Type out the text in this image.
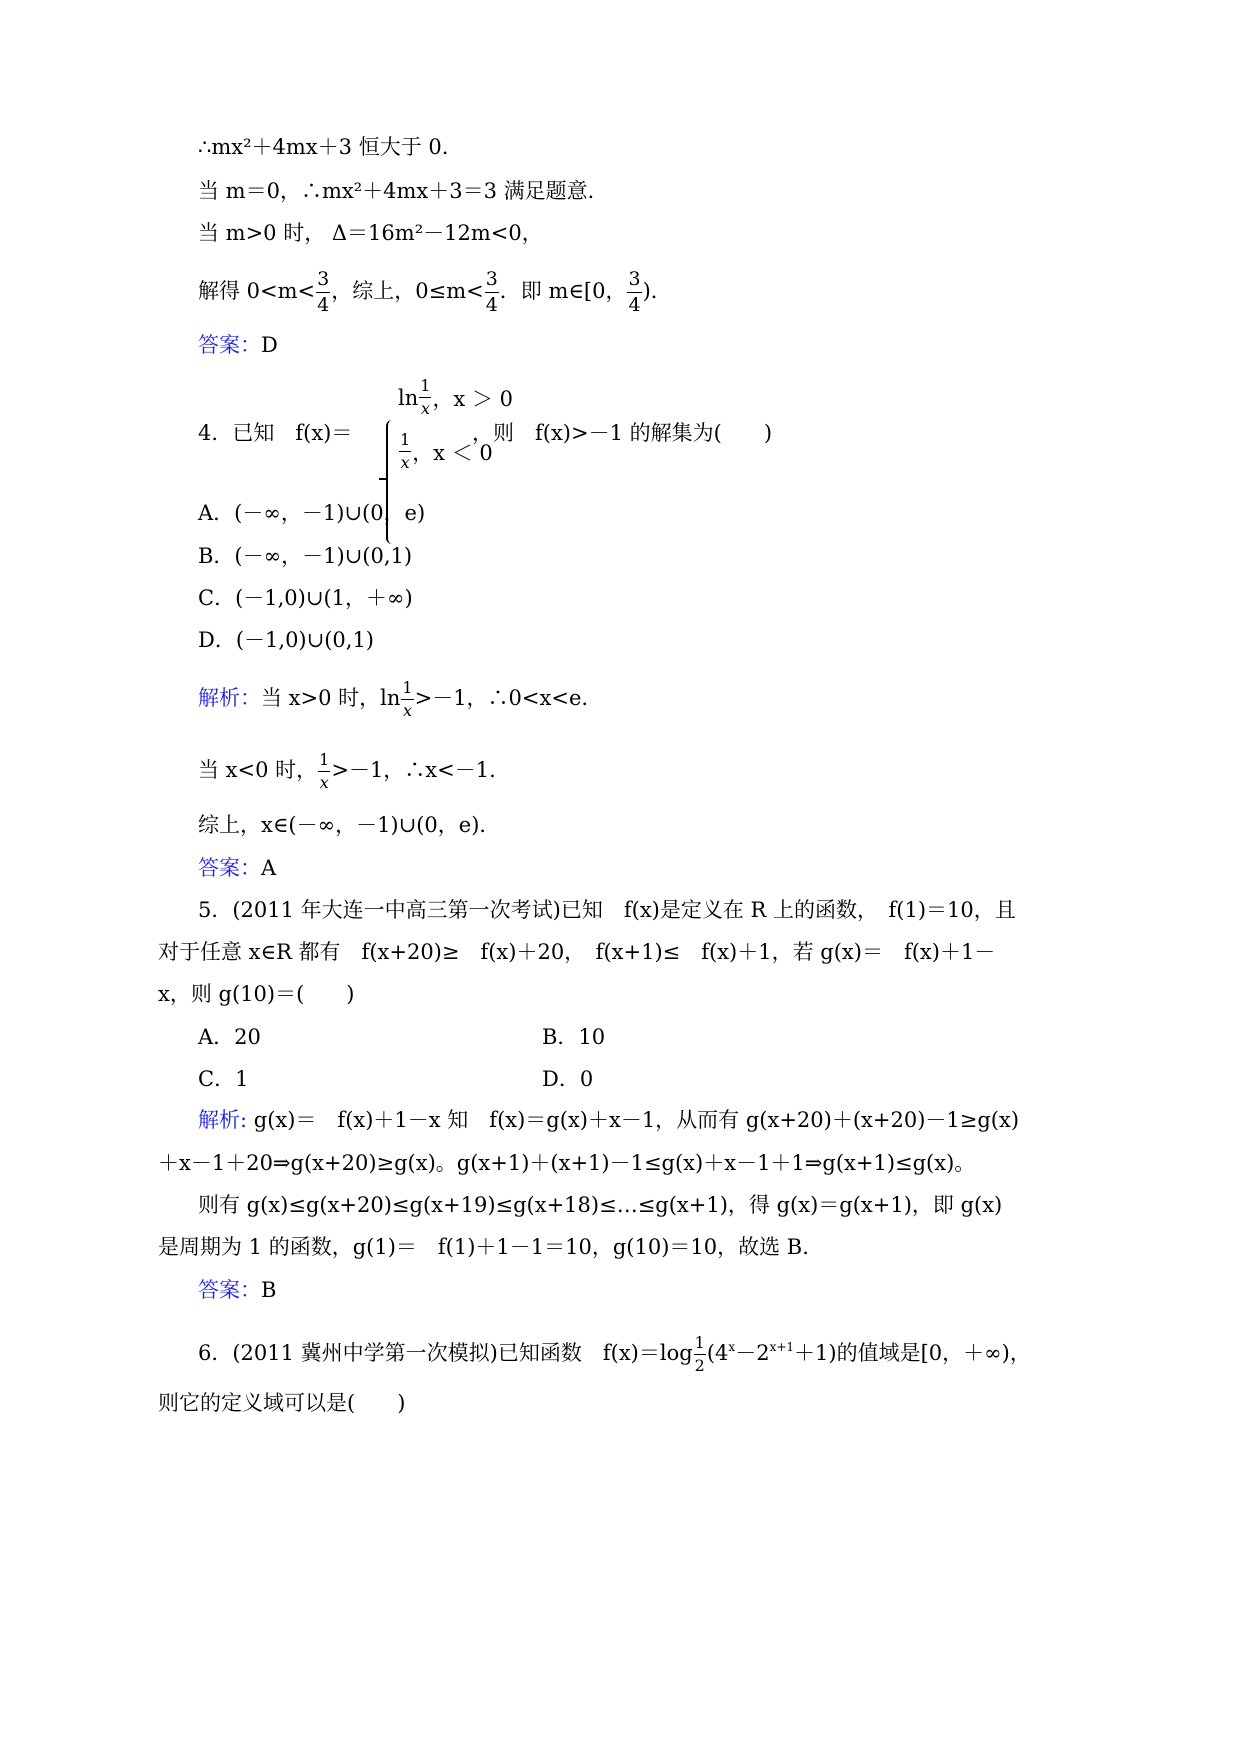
∴mx²＋4mx＋3 恒大于 0.
当 m＝0，∴mx²＋4mx＋3＝3 满足题意．
当 m>0 时， Δ＝16m²－12m<0，
解得 $0<m< \frac{3}{4}$ ，综上，$0\le m< \frac{3}{4}$ ．即 m∈[0， $\frac{3}{4}$ )．
答案：D
4．已知　f(x)＝
$\ln \frac{1}{x}$ ，x ＞ 0
$\frac{1}{x}$ ，x ＜ 0
，则　f(x)>－1 的解集为(　　)
A．(－∞，－1)∪(0，e)
B．(－∞，－1)∪(0,1)
C．(－1,0)∪(1，＋∞)
D．(－1,0)∪(0,1)
解析：当 x>0 时，$\ln \frac{1}{x} >-1$，∴0<x<e.
当 x<0 时， $\frac{1}{x} >-1$，∴x<－1.
综上，x∈(－∞，－1)∪(0，e)．
答案：A
5．(2011 年大连一中高三第一次考试)已知　f(x)是定义在 R 上的函数，　f(1)＝10，且
对于任意 x∈R 都有　f(x+20)≥　f(x)＋20，　f(x+1)≤　f(x)＋1，若 g(x)＝　f(x)＋1－
x，则 g(10)＝(　　)
A．20	B．10
C．1	D．0
解析: g(x)＝　f(x)＋1－x 知　f(x)＝g(x)＋x－1，从而有 g(x+20)＋(x+20)－1≥g(x)
＋x－1＋20⇒g(x+20)≥g(x)。g(x+1)＋(x+1)－1≤g(x)＋x－1＋1⇒g(x+1)≤g(x)。
则有 g(x)≤g(x+20)≤g(x+19)≤g(x+18)≤…≤g(x+1)，得 g(x)＝g(x+1)，即 g(x)
是周期为 1 的函数，g(1)＝　f(1)＋1－1＝10，g(10)＝10，故选 B.
答案：B
6．(2011 冀州中学第一次模拟)已知函数　$f(x)=\log \frac{1}{2} (4^x-2^{x+1}+1)$的值域是[0，＋∞)，
则它的定义域可以是(　　)
